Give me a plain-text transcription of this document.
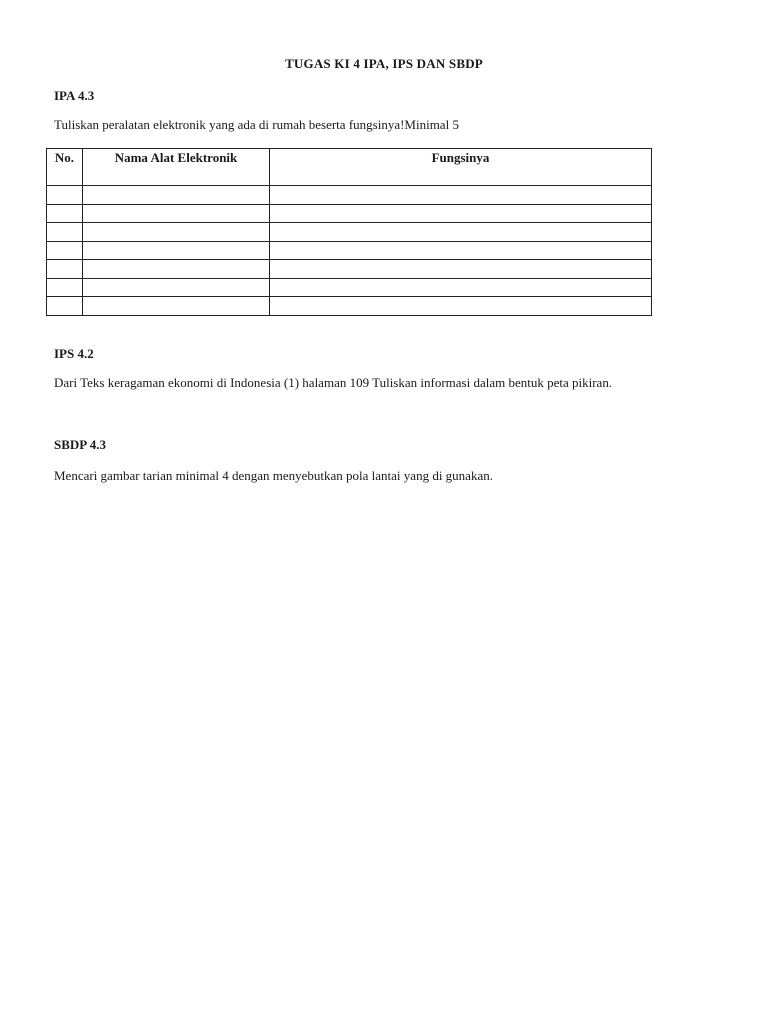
TUGAS KI 4 IPA, IPS DAN SBDP
IPA 4.3
Tuliskan peralatan elektronik yang ada di rumah beserta fungsinya!Minimal 5
No.	Nama Alat Elektronik	Fungsinya

IPS 4.2
Dari Teks keragaman ekonomi di Indonesia (1) halaman 109 Tuliskan informasi dalam bentuk peta pikiran.
SBDP 4.3
Mencari gambar tarian minimal 4 dengan menyebutkan pola lantai yang di gunakan.
